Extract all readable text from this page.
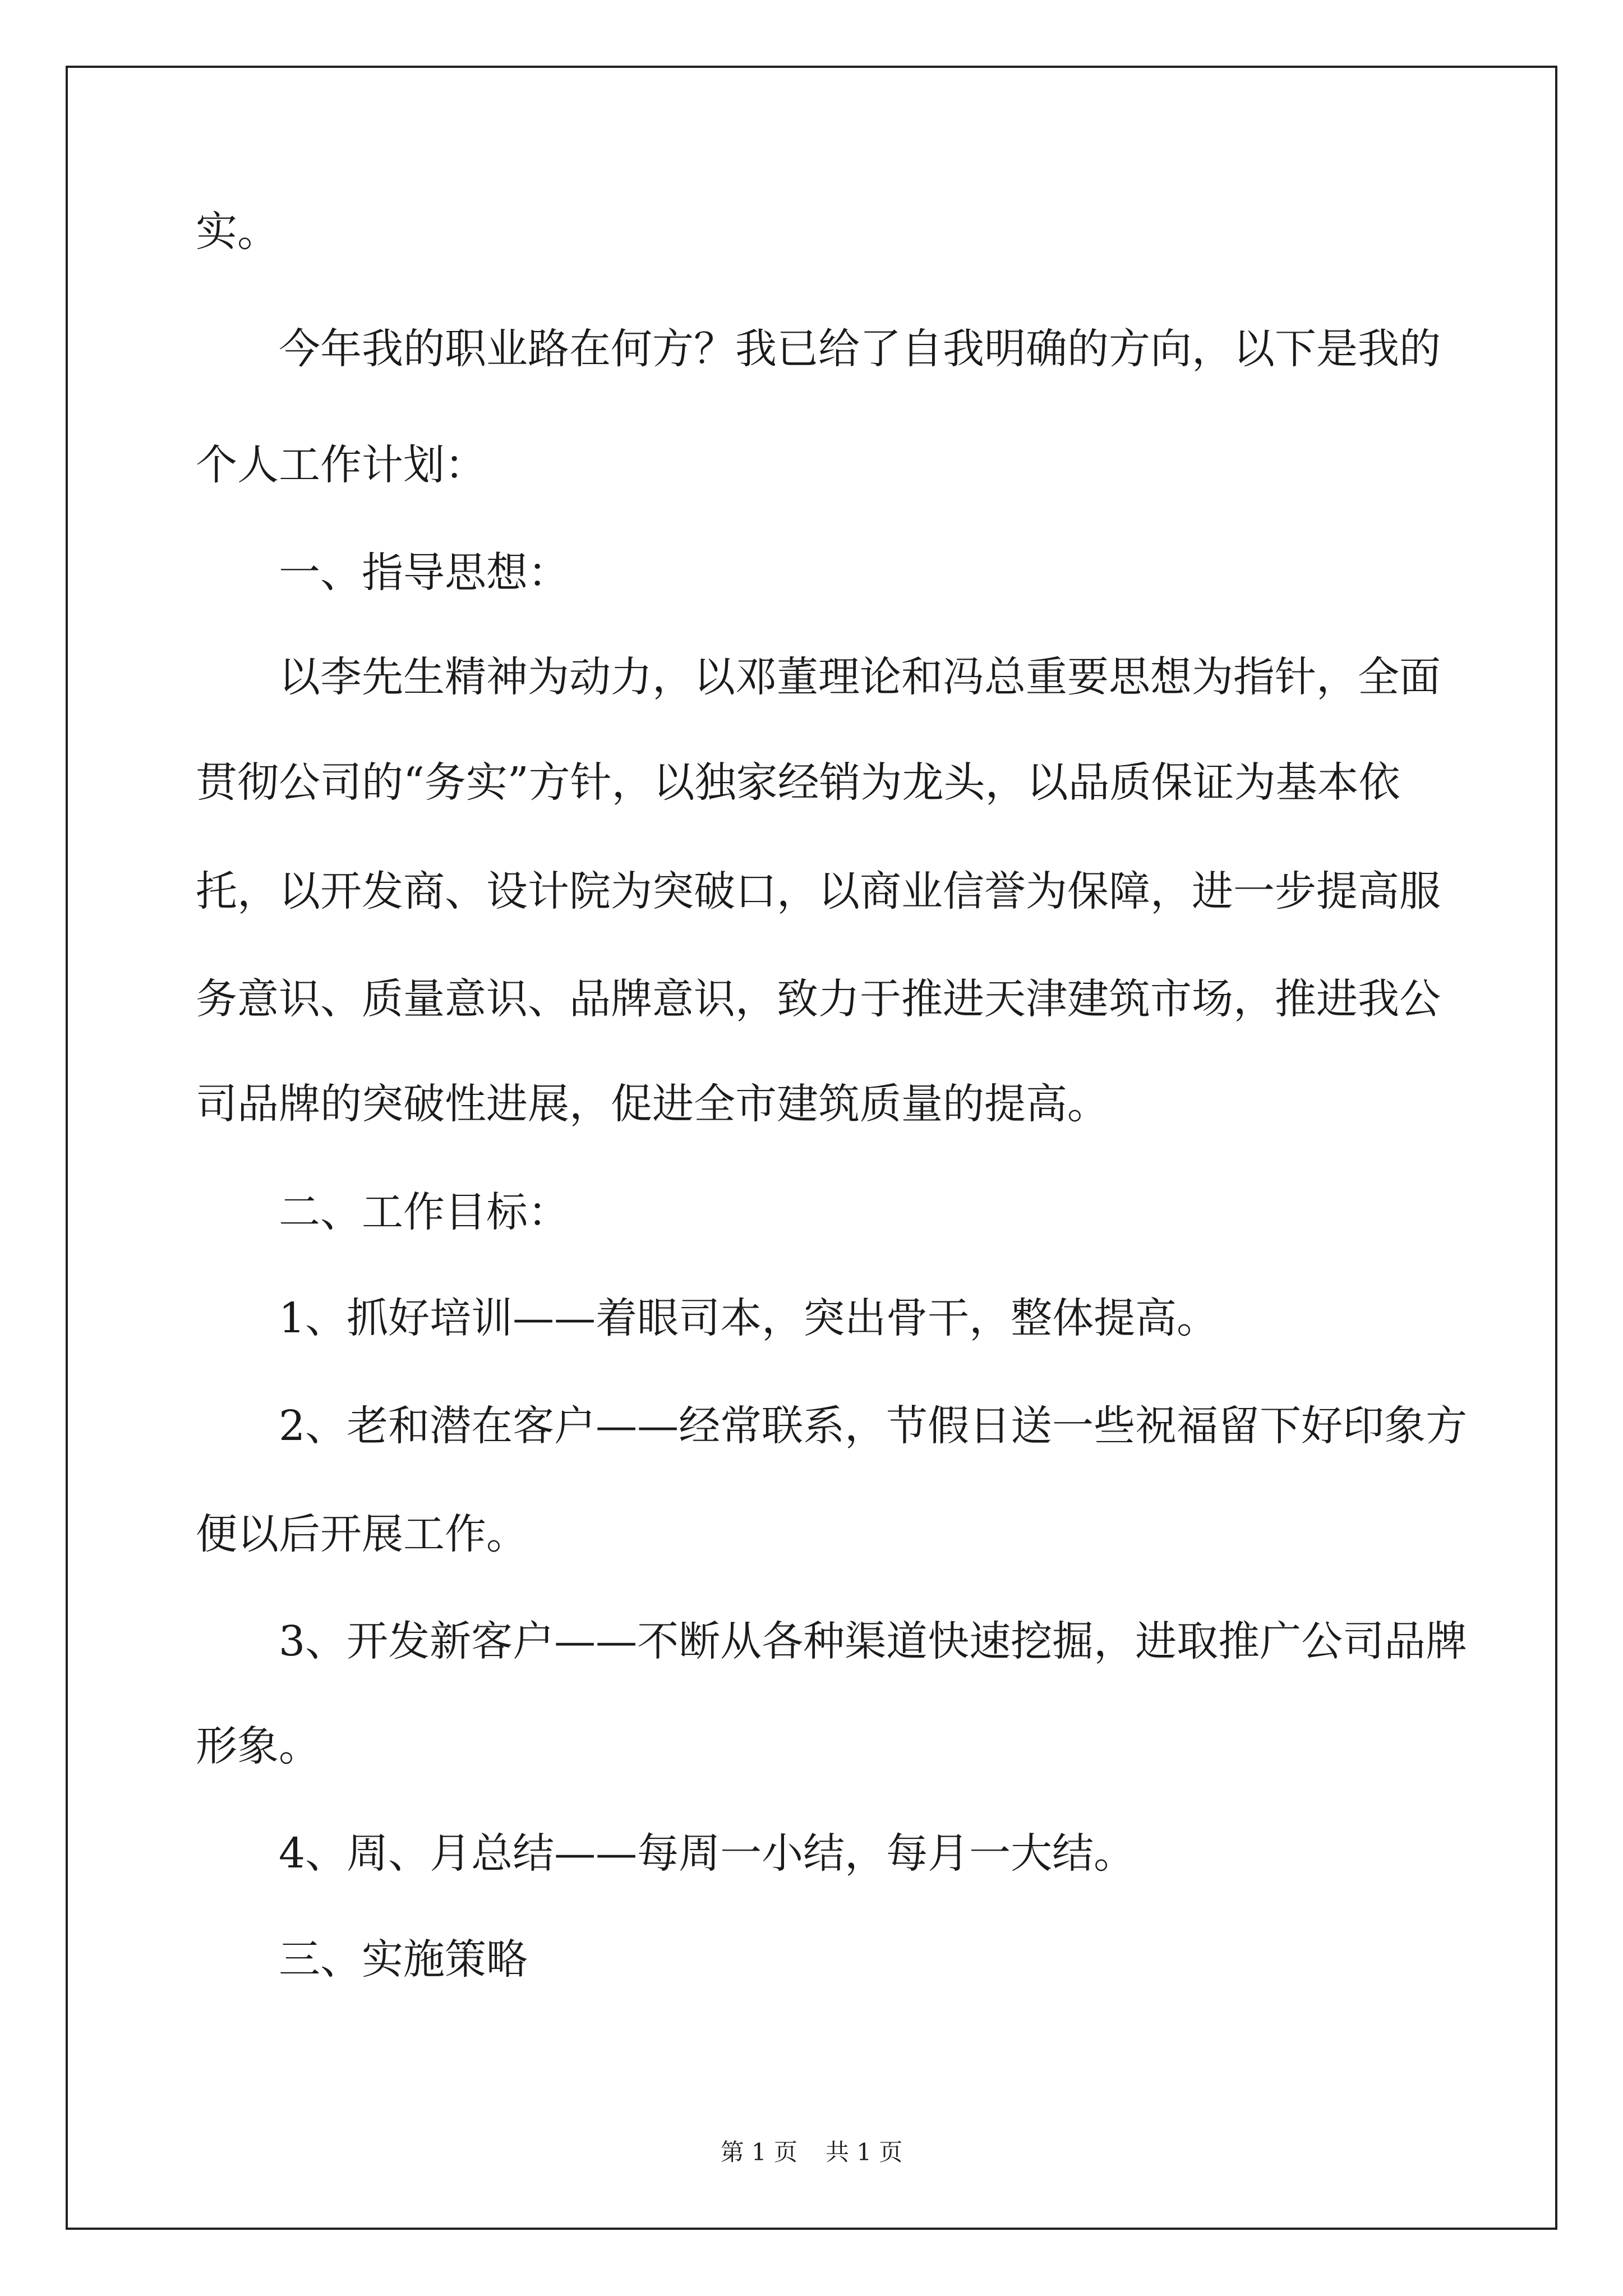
实。

今年我的职业路在何方？我已给了自我明确的方向，以下是我的

个人工作计划：

一、指导思想：

以李先生精神为动力，以邓董理论和冯总重要思想为指针，全面

贯彻公司的“务实”方针，以独家经销为龙头，以品质保证为基本依

托，以开发商、设计院为突破口，以商业信誉为保障，进一步提高服

务意识、质量意识、品牌意识，致力于推进天津建筑市场，推进我公

司品牌的突破性进展，促进全市建筑质量的提高。

二、工作目标：

1、抓好培训——着眼司本，突出骨干，整体提高。

2、老和潜在客户——经常联系，节假日送一些祝福留下好印象方

便以后开展工作。

3、开发新客户——不断从各种渠道快速挖掘，进取推广公司品牌

形象。

4、周、月总结——每周一小结，每月一大结。

三、实施策略

第 1 页 共 1 页
